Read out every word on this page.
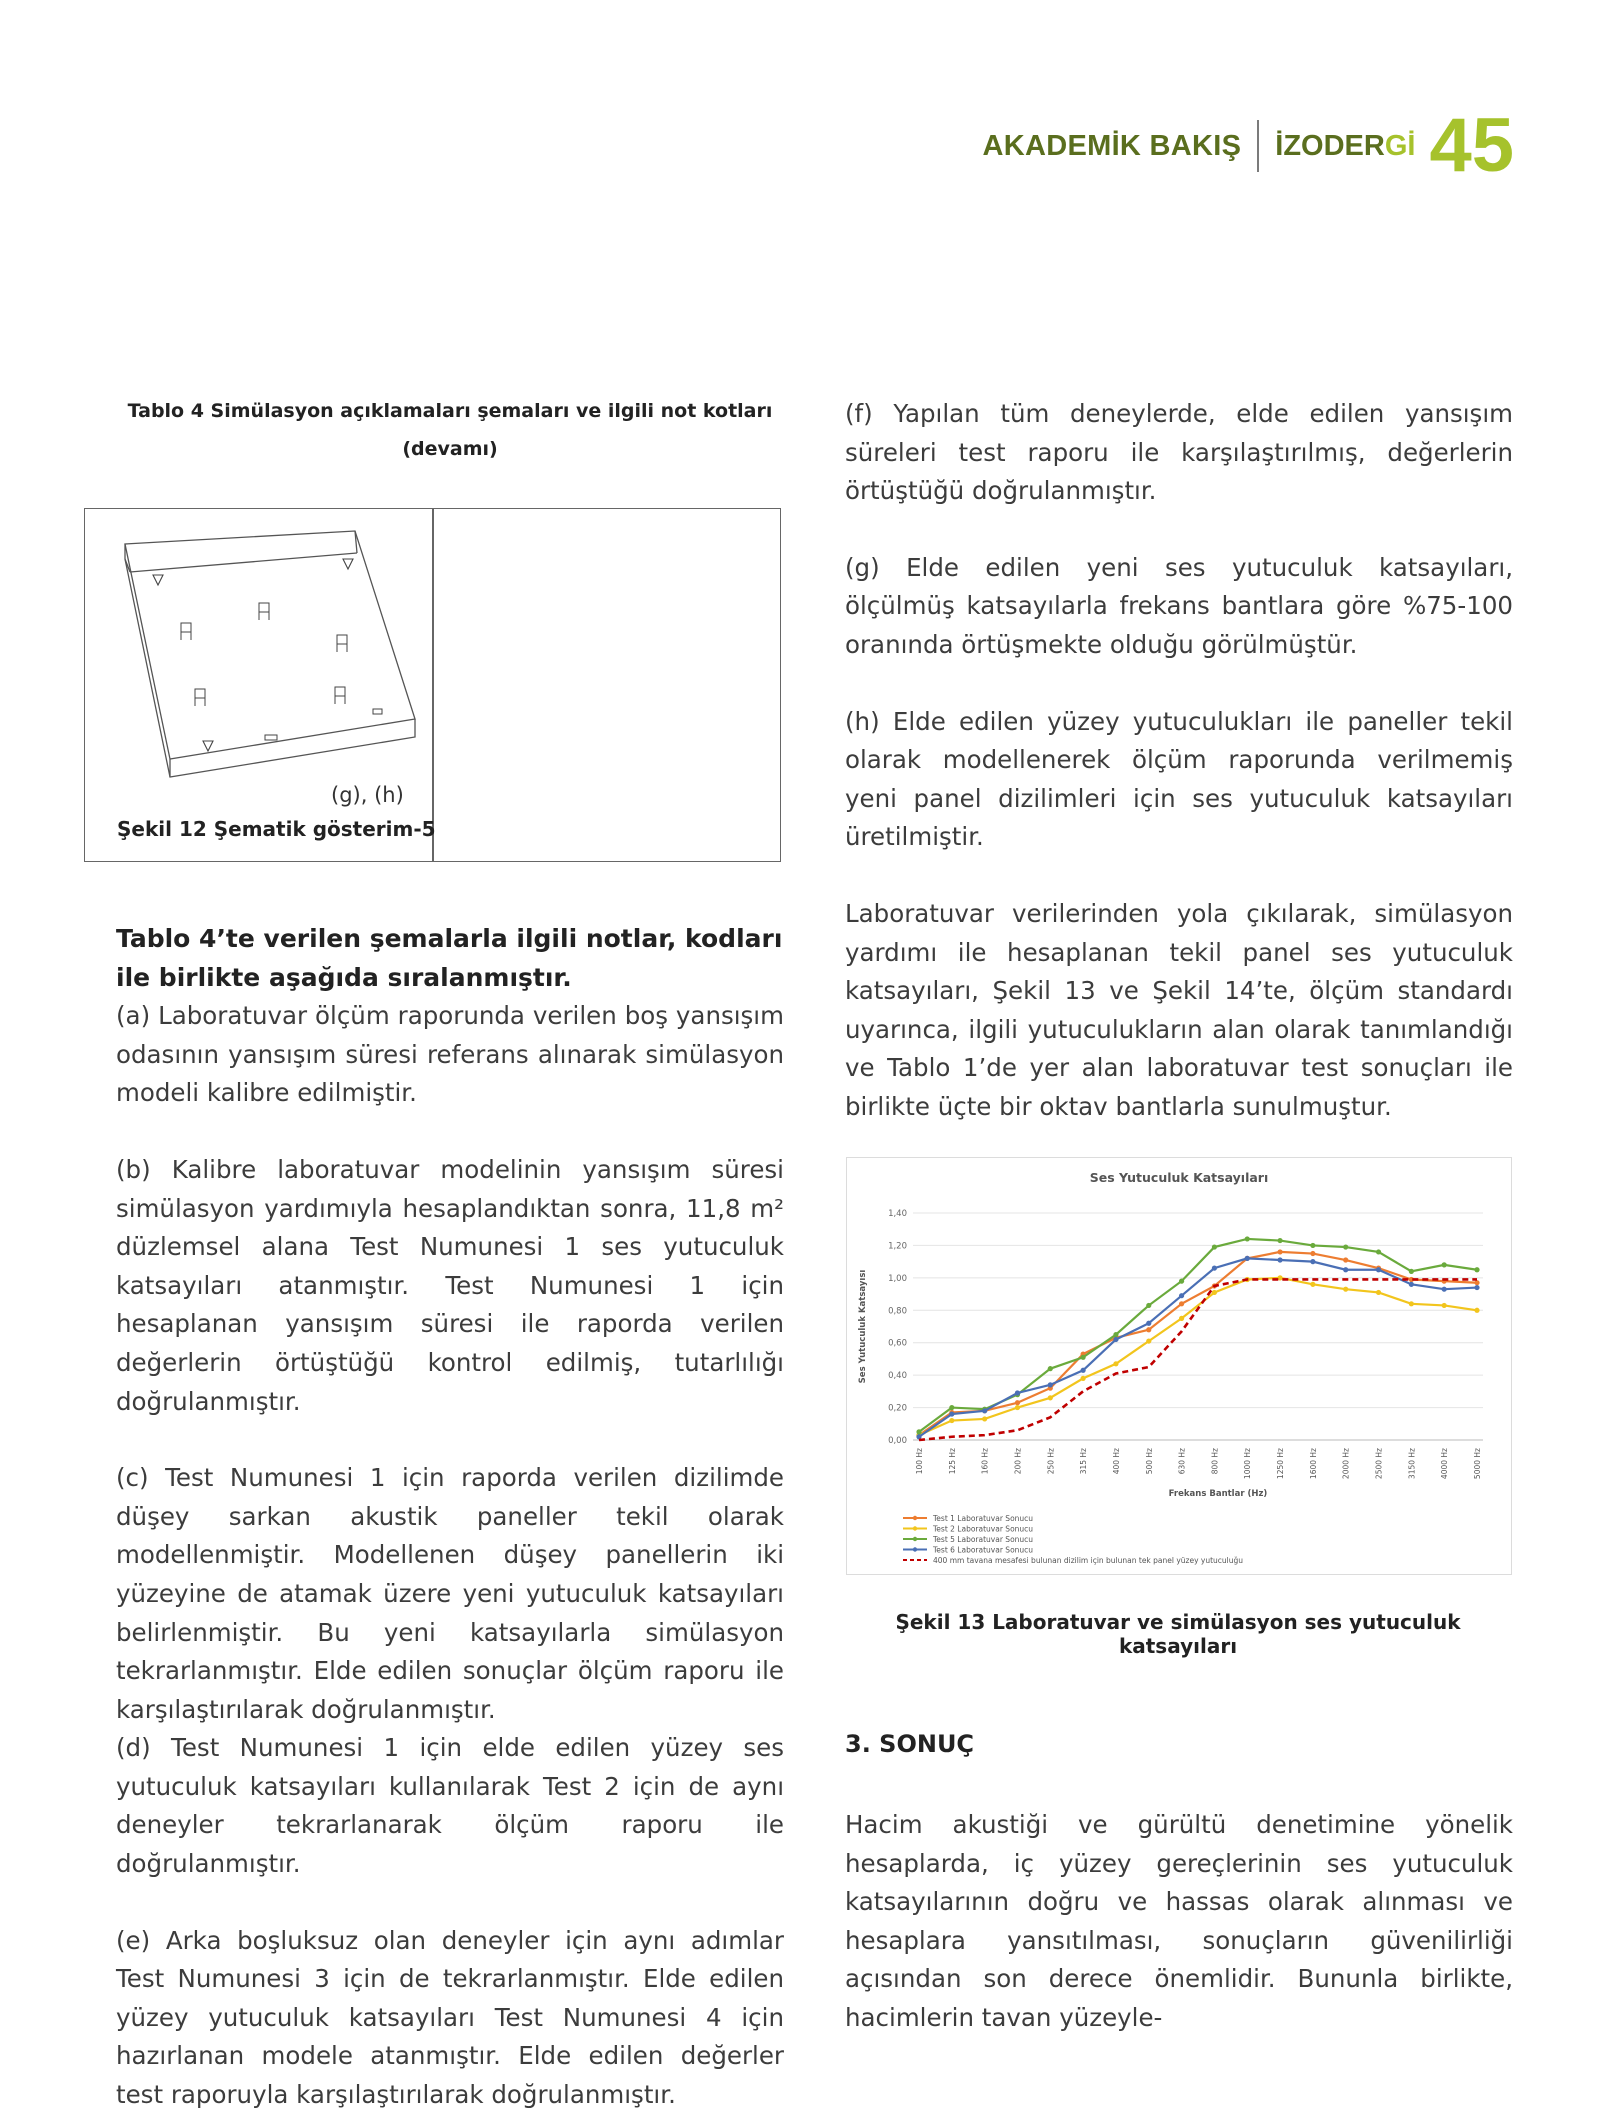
AKADEMİK BAKIŞ İZODERGİ 45
Tablo 4 Simülasyon açıklamaları şemaları ve ilgili not kotları
(devamı)
(g), (h)
Şekil 12 Şematik gösterim-5

Tablo 4’te verilen şemalarla ilgili notlar, kodları
ile birlikte aşağıda sıralanmıştır.

(a) Laboratuvar ölçüm raporunda verilen boş yansışım odasının yansışım süresi referans alınarak simülasyon modeli kalibre edilmiştir.

(b) Kalibre laboratuvar modelinin yansışım süresi simülasyon yardımıyla hesaplandıktan sonra, 11,8 m² düzlemsel alana Test Numunesi 1 ses yutuculuk katsayıları atanmıştır. Test Numunesi 1 için hesaplanan yansışım süresi ile raporda verilen değerlerin örtüştüğü kontrol edilmiş, tutarlılığı doğrulanmıştır.

(c) Test Numunesi 1 için raporda verilen dizilimde düşey sarkan akustik paneller tekil olarak modellenmiştir. Modellenen düşey panellerin iki yüzeyine de atamak üzere yeni yutuculuk katsayıları belirlenmiştir. Bu yeni katsayılarla simülasyon tekrarlanmıştır. Elde edilen sonuçlar ölçüm raporu ile karşılaştırılarak doğrulanmıştır.

(d) Test Numunesi 1 için elde edilen yüzey ses yutuculuk katsayıları kullanılarak Test 2 için de aynı deneyler tekrarlanarak ölçüm raporu ile doğrulanmıştır.

(e) Arka boşluksuz olan deneyler için aynı adımlar Test Numunesi 3 için de tekrarlanmıştır. Elde edilen yüzey yutuculuk katsayıları Test Numunesi 4 için hazırlanan modele atanmıştır. Elde edilen değerler test raporuyla karşılaştırılarak doğrulanmıştır.

(f) Yapılan tüm deneylerde, elde edilen yansışım süreleri test raporu ile karşılaştırılmış, değerlerin örtüştüğü doğrulanmıştır.

(g) Elde edilen yeni ses yutuculuk katsayıları, ölçülmüş katsayılarla frekans bantlara göre %75-100 oranında örtüşmekte olduğu görülmüştür.

(h) Elde edilen yüzey yutuculukları ile paneller tekil olarak modellenerek ölçüm raporunda verilmemiş yeni panel dizilimleri için ses yutuculuk katsayıları üretilmiştir.

Laboratuvar verilerinden yola çıkılarak, simülasyon yardımı ile hesaplanan tekil panel ses yutuculuk katsayıları, Şekil 13 ve Şekil 14’te, ölçüm standardı uyarınca, ilgili yutuculukların alan olarak tanımlandığı ve Tablo 1’de yer alan laboratuvar test sonuçları ile birlikte üçte bir oktav bantlarla sunulmuştur.

Ses Yutuculuk Katsayıları
0,00
0,20
0,40
0,60
0,80
1,00
1,20
1,40
Ses Yutuculuk Katsayısı
100 Hz	125 Hz	160 Hz	200 Hz	250 Hz	315 Hz	400 Hz	500 Hz	630 Hz	800 Hz	1000 Hz	1250 Hz	1600 Hz	2000 Hz	2500 Hz	3150 Hz	4000 Hz	5000 Hz
Frekans Bantlar (Hz)
Test 1 Laboratuvar Sonucu
Test 2 Laboratuvar Sonucu
Test 5 Laboratuvar Sonucu
Test 6 Laboratuvar Sonucu
400 mm tavana mesafesi bulunan dizilim için bulunan tek panel yüzey yutuculuğu
Şekil 13 Laboratuvar ve simülasyon ses yutuculuk katsayıları
3. SONUÇ

Hacim akustiği ve gürültü denetimine yönelik hesaplarda, iç yüzey gereçlerinin ses yutuculuk katsayılarının doğru ve hassas olarak alınması ve hesaplara yansıtılması, sonuçların güvenilirliği açısından son derece önemlidir. Bununla birlikte, hacimlerin tavan yüzeyle-
